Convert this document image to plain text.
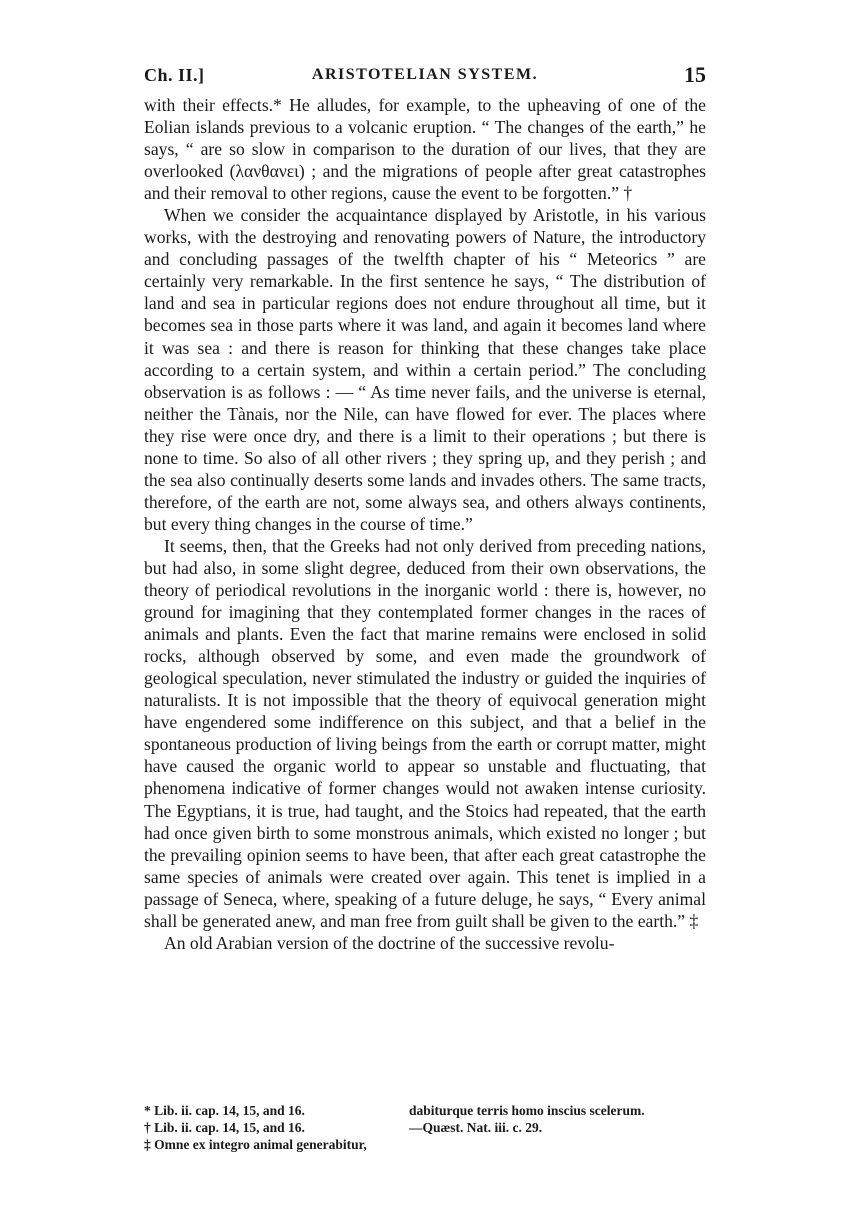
Ch. II.]	ARISTOTELIAN SYSTEM.	15

with their effects.* He alludes, for example, to the upheaving of one of the Eolian islands previous to a volcanic eruption. “ The changes of the earth,” he says, “ are so slow in comparison to the duration of our lives, that they are overlooked (λανθανει) ; and the migrations of people after great catastrophes and their removal to other regions, cause the event to be forgotten.” †

When we consider the acquaintance displayed by Aristotle, in his various works, with the destroying and renovating powers of Nature, the introductory and concluding passages of the twelfth chapter of his “ Meteorics ” are certainly very remarkable. In the first sentence he says, “ The distribution of land and sea in particular regions does not endure throughout all time, but it becomes sea in those parts where it was land, and again it becomes land where it was sea : and there is reason for thinking that these changes take place according to a certain system, and within a certain period.” The concluding observation is as follows : — “ As time never fails, and the universe is eternal, neither the Tànais, nor the Nile, can have flowed for ever. The places where they rise were once dry, and there is a limit to their operations ; but there is none to time. So also of all other rivers ; they spring up, and they perish ; and the sea also continually deserts some lands and invades others. The same tracts, therefore, of the earth are not, some always sea, and others always continents, but every thing changes in the course of time.”

It seems, then, that the Greeks had not only derived from preceding nations, but had also, in some slight degree, deduced from their own observations, the theory of periodical revolutions in the inorganic world : there is, however, no ground for imagining that they contemplated former changes in the races of animals and plants. Even the fact that marine remains were enclosed in solid rocks, although observed by some, and even made the groundwork of geological speculation, never stimulated the industry or guided the inquiries of naturalists. It is not impossible that the theory of equivocal generation might have engendered some indifference on this subject, and that a belief in the spontaneous production of living beings from the earth or corrupt matter, might have caused the organic world to appear so unstable and fluctuating, that phenomena indicative of former changes would not awaken intense curiosity. The Egyptians, it is true, had taught, and the Stoics had repeated, that the earth had once given birth to some monstrous animals, which existed no longer ; but the prevailing opinion seems to have been, that after each great catastrophe the same species of animals were created over again. This tenet is implied in a passage of Seneca, where, speaking of a future deluge, he says, “ Every animal shall be generated anew, and man free from guilt shall be given to the earth.” ‡

An old Arabian version of the doctrine of the successive revolu-

* Lib. ii. cap. 14, 15, and 16.
† Lib. ii. cap. 14, 15, and 16.
‡ Omne ex integro animal generabitur,
dabiturque terris homo inscius scelerum.
—Quæst. Nat. iii. c. 29.
